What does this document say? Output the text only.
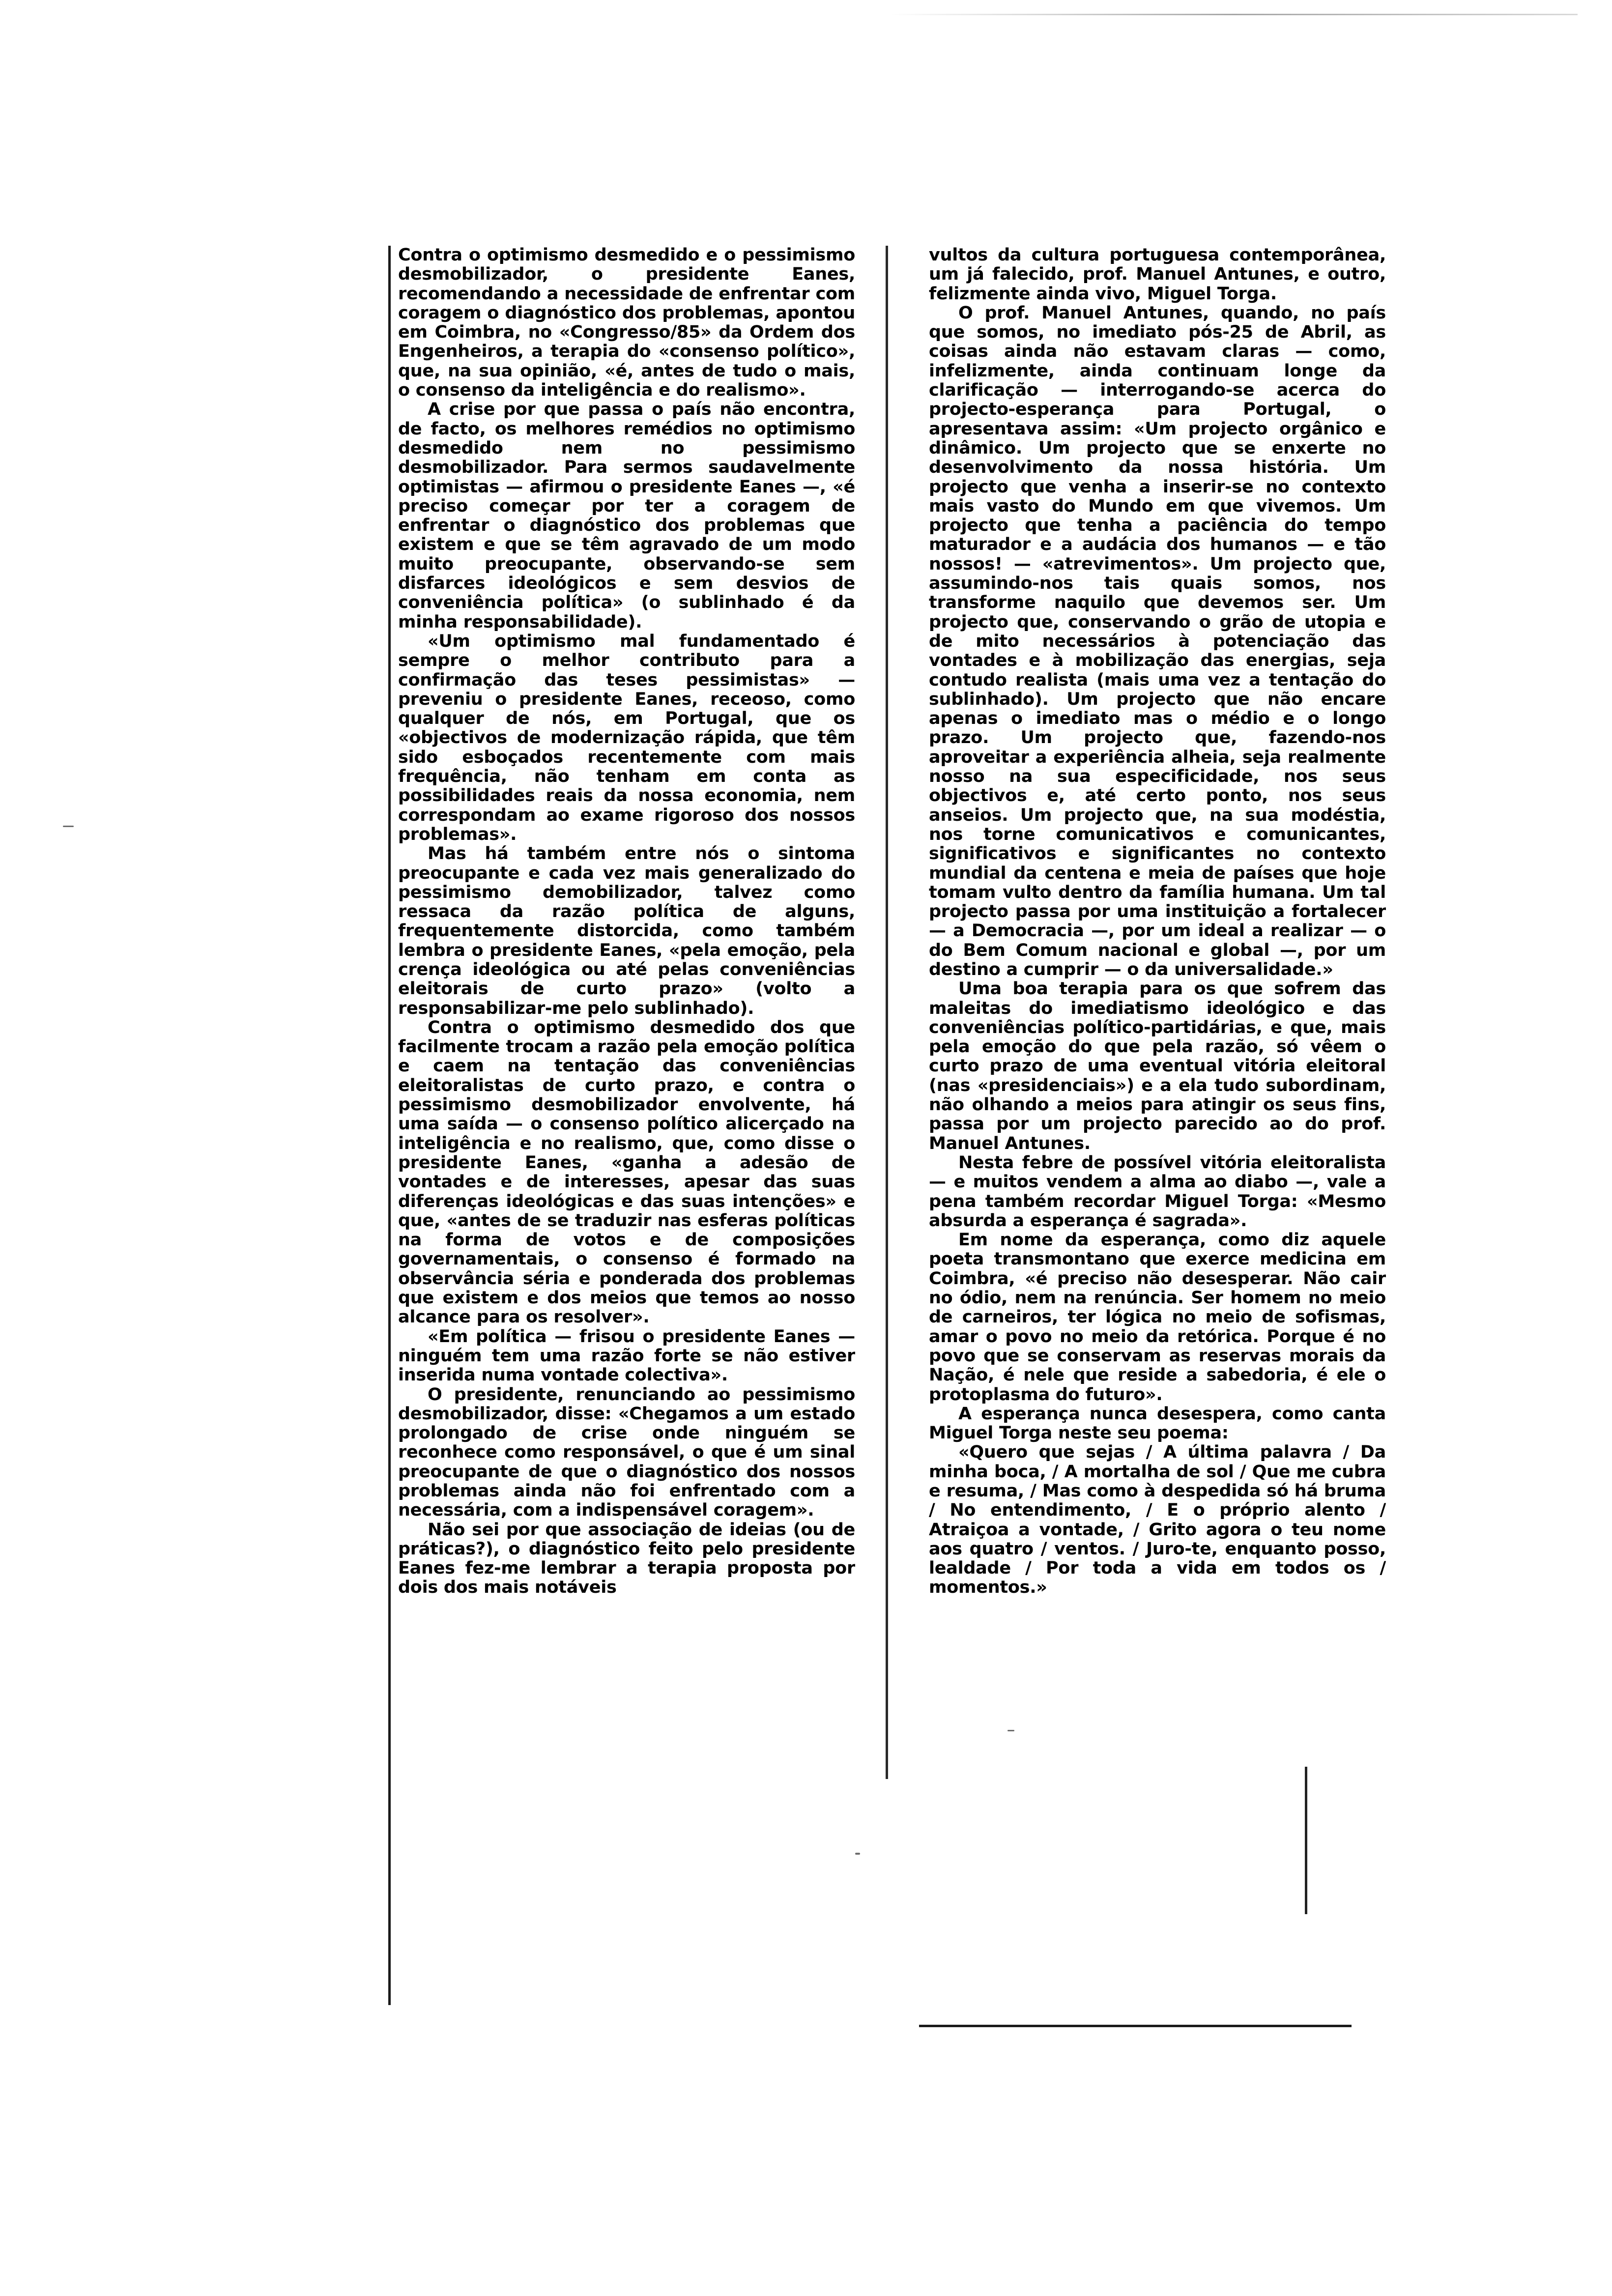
Contra o optimismo desmedido e o pessimismo desmobilizador, o presidente Eanes, recomendando a necessidade de enfrentar com coragem o diagnóstico dos problemas, apontou em Coimbra, no «Congresso/85» da Ordem dos Engenheiros, a terapia do «consenso político», que, na sua opinião, «é, antes de tudo o mais, o consenso da inteligência e do realismo».

A crise por que passa o país não encontra, de facto, os melhores remédios no optimismo desmedido nem no pessimismo desmobilizador. Para sermos saudavelmente optimistas — afirmou o presidente Eanes —, «é preciso começar por ter a coragem de enfrentar o diagnóstico dos problemas que existem e que se têm agravado de um modo muito preocupante, observando-se sem disfarces ideológicos e sem desvios de conveniência política» (o sublinhado é da minha responsabilidade).

«Um optimismo mal fundamentado é sempre o melhor contributo para a confirmação das teses pessimistas» — preveniu o presidente Eanes, receoso, como qualquer de nós, em Portugal, que os «objectivos de modernização rápida, que têm sido esboçados recentemente com mais frequência, não tenham em conta as possibilidades reais da nossa economia, nem correspondam ao exame rigoroso dos nossos problemas».

Mas há também entre nós o sintoma preocupante e cada vez mais generalizado do pessimismo demobilizador, talvez como ressaca da razão política de alguns, frequentemente distorcida, como também lembra o presidente Eanes, «pela emoção, pela crença ideológica ou até pelas conveniências eleitorais de curto prazo» (volto a responsabilizar-me pelo sublinhado).

Contra o optimismo desmedido dos que facilmente trocam a razão pela emoção política e caem na tentação das conveniências eleitoralistas de curto prazo, e contra o pessimismo desmobilizador envolvente, há uma saída — o consenso político alicerçado na inteligência e no realismo, que, como disse o presidente Eanes, «ganha a adesão de vontades e de interesses, apesar das suas diferenças ideológicas e das suas intenções» e que, «antes de se traduzir nas esferas políticas na forma de votos e de composições governamentais, o consenso é formado na observância séria e ponderada dos problemas que existem e dos meios que temos ao nosso alcance para os resolver».

«Em política — frisou o presidente Eanes — ninguém tem uma razão forte se não estiver inserida numa vontade colectiva».

O presidente, renunciando ao pessimismo desmobilizador, disse: «Chegamos a um estado prolongado de crise onde ninguém se reconhece como responsável, o que é um sinal preocupante de que o diagnóstico dos nossos problemas ainda não foi enfrentado com a necessária, com a indispensável coragem».

Não sei por que associação de ideias (ou de práticas?), o diagnóstico feito pelo presidente Eanes fez-me lembrar a terapia proposta por dois dos mais notáveis

vultos da cultura portuguesa contemporânea, um já falecido, prof. Manuel Antunes, e outro, felizmente ainda vivo, Miguel Torga.

O prof. Manuel Antunes, quando, no país que somos, no imediato pós-25 de Abril, as coisas ainda não estavam claras — como, infelizmente, ainda continuam longe da clarificação — interrogando-se acerca do projecto-esperança para Portugal, o apresentava assim: «Um projecto orgânico e dinâmico. Um projecto que se enxerte no desenvolvimento da nossa história. Um projecto que venha a inserir-se no contexto mais vasto do Mundo em que vivemos. Um projecto que tenha a paciência do tempo maturador e a audácia dos humanos — e tão nossos! — «atrevimentos». Um projecto que, assumindo-nos tais quais somos, nos transforme naquilo que devemos ser. Um projecto que, conservando o grão de utopia e de mito necessários à potenciação das vontades e à mobilização das energias, seja contudo realista (mais uma vez a tentação do sublinhado). Um projecto que não encare apenas o imediato mas o médio e o longo prazo. Um projecto que, fazendo-nos aproveitar a experiência alheia, seja realmente nosso na sua especificidade, nos seus objectivos e, até certo ponto, nos seus anseios. Um projecto que, na sua modéstia, nos torne comunicativos e comunicantes, significativos e significantes no contexto mundial da centena e meia de países que hoje tomam vulto dentro da família humana. Um tal projecto passa por uma instituição a fortalecer — a Democracia —, por um ideal a realizar — o do Bem Comum nacional e global —, por um destino a cumprir — o da universalidade.»

Uma boa terapia para os que sofrem das maleitas do imediatismo ideológico e das conveniências político-partidárias, e que, mais pela emoção do que pela razão, só vêem o curto prazo de uma eventual vitória eleitoral (nas «presidenciais») e a ela tudo subordinam, não olhando a meios para atingir os seus fins, passa por um projecto parecido ao do prof. Manuel Antunes.

Nesta febre de possível vitória eleitoralista — e muitos vendem a alma ao diabo —, vale a pena também recordar Miguel Torga: «Mesmo absurda a esperança é sagrada».

Em nome da esperança, como diz aquele poeta transmontano que exerce medicina em Coimbra, «é preciso não desesperar. Não cair no ódio, nem na renúncia. Ser homem no meio de carneiros, ter lógica no meio de sofismas, amar o povo no meio da retórica. Porque é no povo que se conservam as reservas morais da Nação, é nele que reside a sabedoria, é ele o protoplasma do futuro».

A esperança nunca desespera, como canta Miguel Torga neste seu poema:

«Quero que sejas / A última palavra / Da minha boca, / A mortalha de sol / Que me cubra e resuma, / Mas como à despedida só há bruma / No entendimento, / E o próprio alento / Atraiçoa a vontade, / Grito agora o teu nome aos quatro / ventos. / Juro-te, enquanto posso, lealdade / Por toda a vida em todos os / momentos.»
